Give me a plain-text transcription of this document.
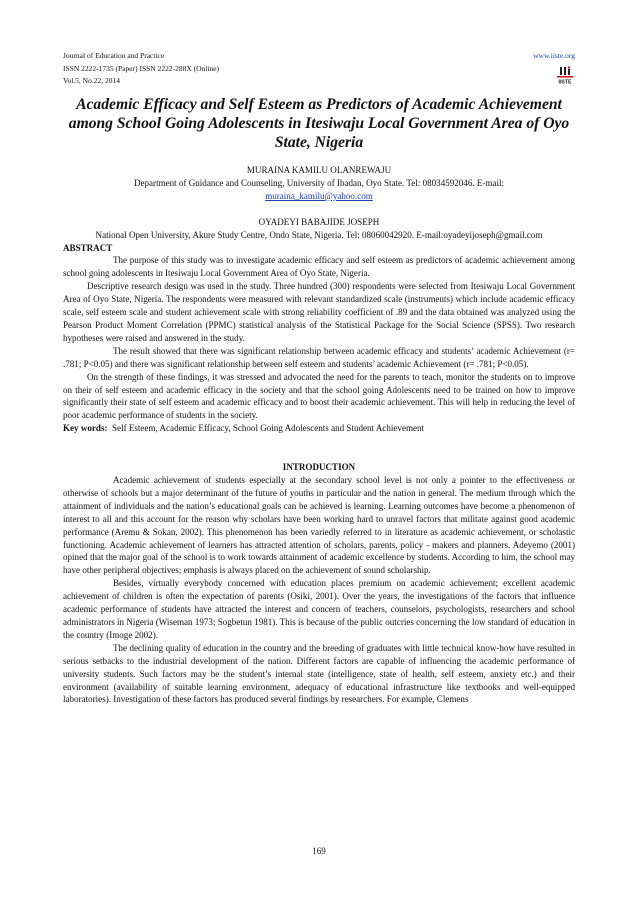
Journal of Education and Practice
ISSN 2222-1735 (Paper) ISSN 2222-288X (Online)
Vol.5, No.22, 2014
www.iiste.org
IISTE
Academic Efficacy and Self Esteem as Predictors of Academic Achievement among School Going Adolescents in Itesiwaju Local Government Area of Oyo State, Nigeria
MURAINA KAMILU OLANREWAJU
Department of Guidance and Counseling, University of Ibadan, Oyo State. Tel: 08034592046. E-mail:
muraina_kamilu@yahoo.com
OYADEYI BABAJIDE JOSEPH
National Open University, Akure Study Centre, Ondo State, Nigeria. Tel: 08060042920. E-mail:oyadeyijoseph@gmail.com
ABSTRACT

The purpose of this study was to investigate academic efficacy and self esteem as predictors of academic achievement among school going adolescents in Itesiwaju Local Government Area of Oyo State, Nigeria.

Descriptive research design was used in the study. Three hundred (300) respondents were selected from Itesiwaju Local Government Area of Oyo State, Nigeria. The respondents were measured with relevant standardized scale (instruments) which include academic efficacy scale, self esteem scale and student achievement scale with strong reliability coefficient of .89 and the data obtained was analyzed using the Pearson Product Moment Correlation (PPMC) statistical analysis of the Statistical Package for the Social Science (SPSS). Two research hypotheses were raised and answered in the study.

The result showed that there was significant relationship between academic efficacy and students’ academic Achievement (r= .781; P<0.05) and there was significant relationship between self esteem and students’ academic Achievement (r= .781; P<0.05).

On the strength of these findings, it was stressed and advocated the need for the parents to teach, monitor the students on to improve on their of self esteem and academic efficacy in the society and that the school going Adolescents need to be trained on how to improve significantly their state of self esteem and academic efficacy and to boost their academic achievement. This will help in reducing the level of poor academic performance of students in the society.

Key words: Self Esteem, Academic Efficacy, School Going Adolescents and Student Achievement
INTRODUCTION

Academic achievement of students especially at the secondary school level is not only a pointer to the effectiveness or otherwise of schools but a major determinant of the future of youths in particular and the nation in general. The medium through which the attainment of individuals and the nation’s educational goals can be achieved is learning. Learning outcomes have become a phenomenon of interest to all and this account for the reason why scholars have been working hard to unravel factors that militate against good academic performance (Aremu & Sokan, 2002). This phenomenon has been variedly referred to in literature as academic achievement, or scholastic functioning. Academic achievement of learners has attracted attention of scholars, parents, policy - makers and planners. Adeyemo (2001) opined that the major goal of the school is to work towards attainment of academic excellence by students. According to him, the school may have other peripheral objectives; emphasis is always placed on the achievement of sound scholarship.

Besides, virtually everybody concerned with education places premium on academic achievement; excellent academic achievement of children is often the expectation of parents (Osiki, 2001). Over the years, the investigations of the factors that influence academic performance of students have attracted the interest and concern of teachers, counselors, psychologists, researchers and school administrators in Nigeria (Wiseman 1973; Sogbetun 1981). This is because of the public outcries concerning the low standard of education in the country (Imoge 2002).

The declining quality of education in the country and the breeding of graduates with little technical know-how have resulted in serious setbacks to the industrial development of the nation. Different factors are capable of influencing the academic performance of university students. Such factors may be the student’s internal state (intelligence, state of health, self esteem, anxiety etc.) and their environment (availability of suitable learning environment, adequacy of educational infrastructure like textbooks and well-equipped laboratories). Investigation of these factors has produced several findings by researchers. For example, Clemens

169
